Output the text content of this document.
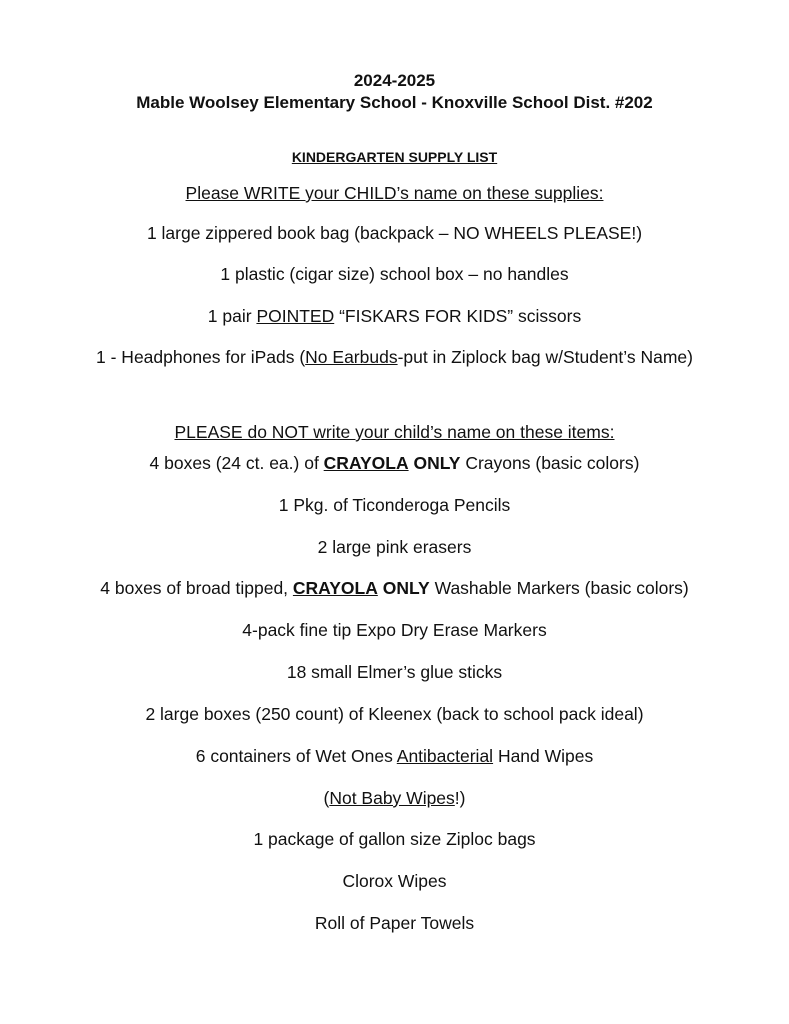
2024-2025
Mable Woolsey Elementary School - Knoxville School Dist. #202
KINDERGARTEN SUPPLY LIST
Please WRITE your CHILD’s name on these supplies:
1 large zippered book bag (backpack – NO WHEELS PLEASE!)
1 plastic (cigar size) school box – no handles
1 pair POINTED “FISKARS FOR KIDS” scissors
1 - Headphones for iPads (No Earbuds-put in Ziplock bag w/Student’s Name)
PLEASE do NOT write your child’s name on these items:
4 boxes (24 ct. ea.) of CRAYOLA ONLY Crayons (basic colors)
1 Pkg. of Ticonderoga Pencils
2 large pink erasers
4 boxes of broad tipped, CRAYOLA ONLY Washable Markers (basic colors)
4-pack fine tip Expo Dry Erase Markers
18 small Elmer’s glue sticks
2 large boxes (250 count) of Kleenex (back to school pack ideal)
6 containers of Wet Ones Antibacterial Hand Wipes
(Not Baby Wipes!)
1 package of gallon size Ziploc bags
Clorox Wipes
Roll of Paper Towels
